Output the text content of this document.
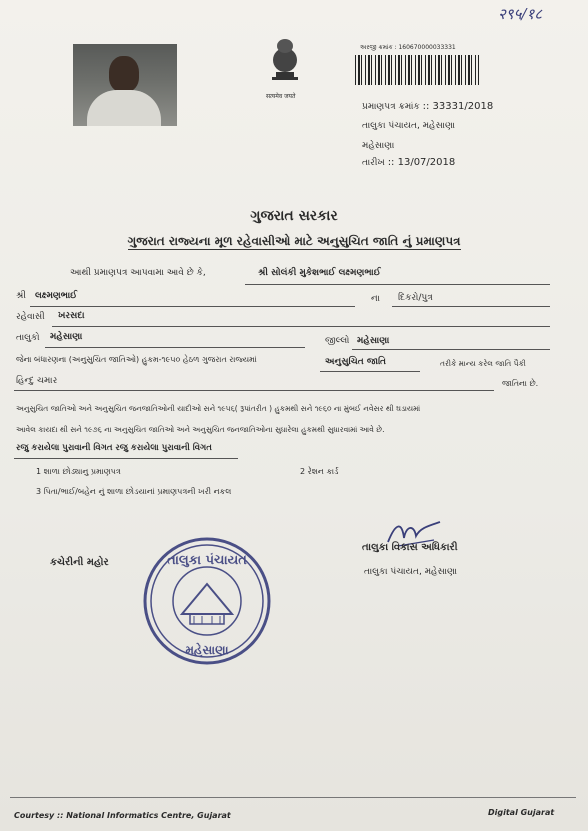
२९५/१८
सत्यमेव जयते
અરજી ક્રમાંક : 160670000033331
પ્રમાણપત્ર ક્રમાંક :: 33331/2018
તાલુકા પંચાયત, મહેસાણા
મહેસાણા
તારીખ :: 13/07/2018
ગુજરાત સરકાર
ગુજરાત રાજ્યના મૂળ રહેવાસીઓ માટે અનુસુચિત જાતિ નું પ્રમાણપત્ર
આથી પ્રમાણપત્ર આપવામા આવે છે કે,	શ્રી સોલંકી મુકેશભાઈ લક્ષ્મણભાઈ
શ્રી લક્ષ્મણભાઈ	ના દિકરો/પુત્ર
રહેવાસી ખરસદા
તાલુકો મહેસાણા	જીલ્લો મહેસાણા
જેના બંધારણના (અનુસુચિત જાતિઓ) હુકમ-૧૯૫૦ હેઠળ ગુજરાત રાજ્યમાં	અનુસુચિત જાતિ	તરીકે માન્ય કરેલ જાતિ પૈકી
હિન્દુ ચમાર	જાતિના છે.
અનુસુચિત જાતિઓ અને અનુસુચિત જનજાતિઓની યાદીઓ સને ૧૯૫૬( રૂપાંતરીત ) હુકમથી સને ૧૯૬૦ ના મુંબઈ નવેસર થી ઘડાયમાં
આવેલ કાયદા થી સને ૧૯૭૬ ના અનુસુચિત જાતિઓ અને અનુસુચિત જનજાતિઓના સુધારેલા હુકમથી સુધારવામાં આવે છે.
રજુ કરાયેલા પુરાવાની વિગત રજુ કરાયેલા પુરાવાની વિગત
1 શાળા છોડ્યાનુ પ્રમાણપત્ર	2 રેશન કાર્ડ
3 પિતા/ભાઈ/બહેન નું શાળા છોડયાનાં પ્રમાણપત્રની ખરી નકલ
કચેરીની મહોર
તાલુકા વિકાસ અધિકારી
તાલુકા પંચાયત, મહેસાણા
તાલુકા પંચાયત
મહેસાણા
Courtesy :: National Informatics Centre, Gujarat	Digital Gujarat
